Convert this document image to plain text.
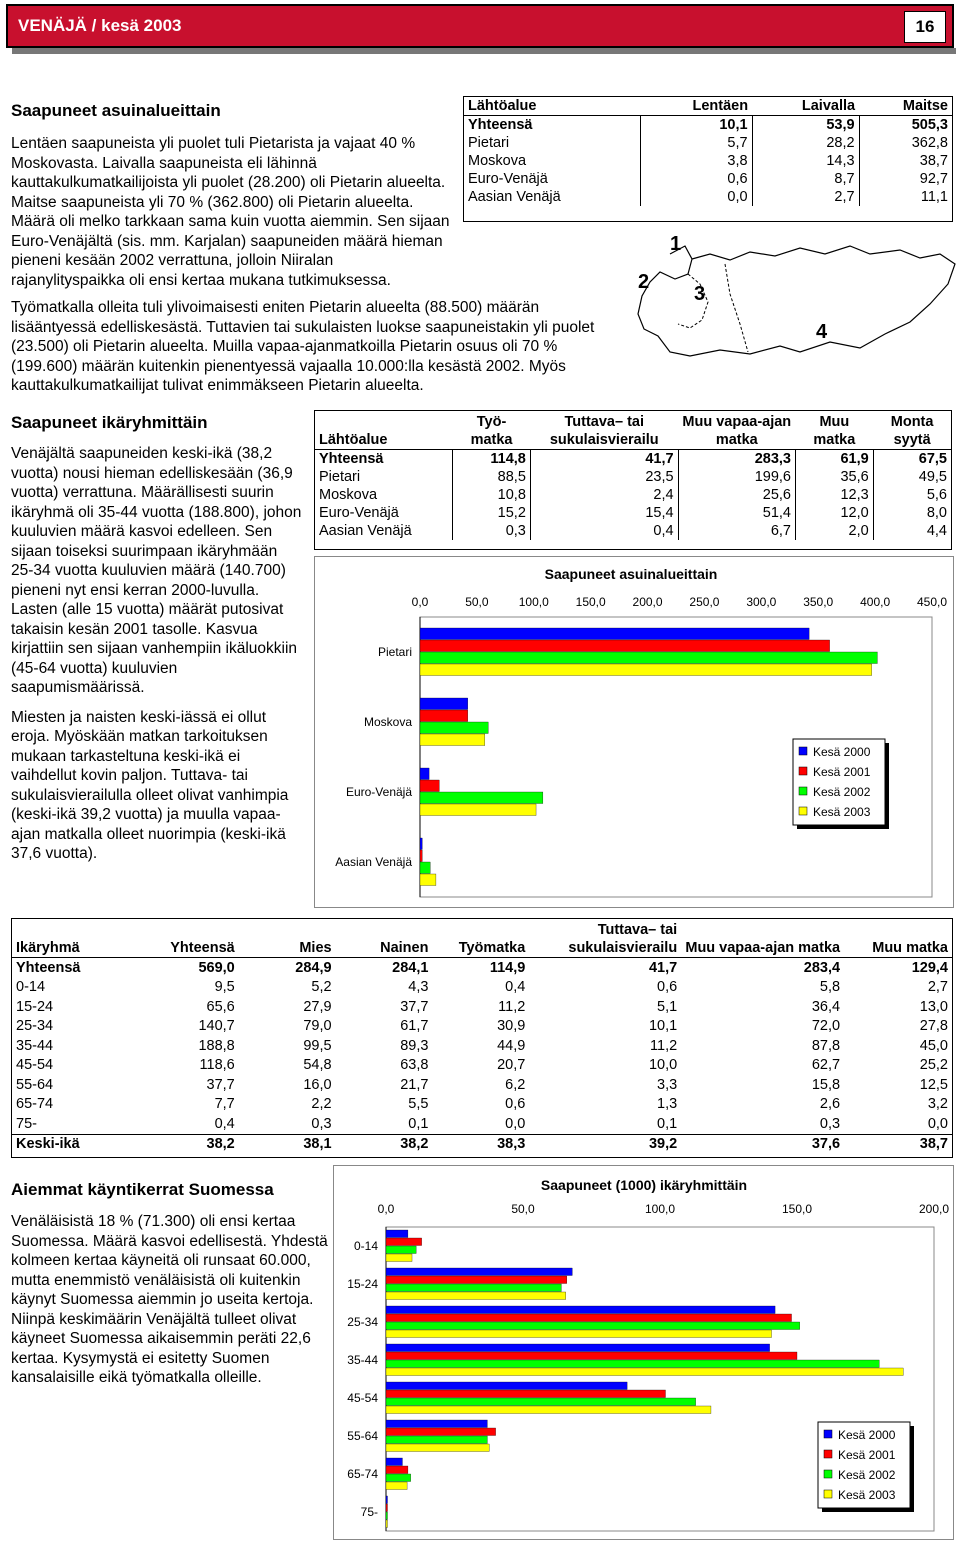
VENÄJÄ / kesä 2003	16
Saapuneet asuinalueittain

Lentäen saapuneista yli puolet tuli Pietarista ja vajaat 40 % Moskovasta. Laivalla saapuneista eli lähinnä kauttakulkumatkailijoista yli puolet (28.200) oli Pietarin alueelta. Maitse saapuneista yli 70 % (362.800) oli Pietarin alueelta. Määrä oli melko tarkkaan sama kuin vuotta aiemmin. Sen sijaan Euro-Venäjältä (sis. mm. Karjalan) saapuneiden määrä hieman pieneni kesään 2002 verrattuna, jolloin Niiralan rajanylityspaikka oli ensi kertaa mukana tutkimuksessa.

Lähtöalue	Lentäen	Laivalla	Maitse
Yhteensä	10,1	53,9	505,3
Pietari	5,7	28,2	362,8
Moskova	3,8	14,3	38,7
Euro-Venäjä	0,6	8,7	92,7
Aasian Venäjä	0,0	2,7	11,1
1
2
3
4

Työmatkalla olleita tuli ylivoimaisesti eniten Pietarin alueelta (88.500) määrän lisääntyessä edelliskesästä. Tuttavien tai sukulaisten luokse saapuneistakin yli puolet (23.500) oli Pietarin alueelta. Muilla vapaa-ajanmatkoilla Pietarin osuus oli 70 % (199.600) määrän kuitenkin pienentyessä vajaalla 10.000:lla kesästä 2002. Myös kauttakulkumatkailijat tulivat enimmäkseen Pietarin alueelta.

Saapuneet ikäryhmittäin

Venäjältä saapuneiden keski-ikä (38,2 vuotta) nousi hieman edelliskesään (36,9 vuotta) verrattuna. Määrällisesti suurin ikäryhmä oli 35-44 vuotta (188.800), johon kuuluvien määrä kasvoi edelleen. Sen sijaan toiseksi suurimpaan ikäryhmään 25-34 vuotta kuuluvien määrä (140.700) pieneni nyt ensi kerran 2000-luvulla. Lasten (alle 15 vuotta) määrät putosivat takaisin kesän 2001 tasolle. Kasvua kirjattiin sen sijaan vanhempiin ikäluokkiin (45-64 vuotta) kuuluvien saapumismäärissä.

Miesten ja naisten keski-iässä ei ollut eroja. Myöskään matkan tarkoituksen mukaan tarkasteltuna keski-ikä ei vaihdellut kovin paljon. Tuttava- tai sukulaisvierailulla olleet olivat vanhimpia (keski-ikä 39,2 vuotta) ja muulla vapaa-ajan matkalla olleet nuorimpia (keski-ikä 37,6 vuotta).

Lähtöalue	Työ-matka	Tuttava– tai sukulaisvierailu	Muu vapaa-ajan matka	Muu matka	Monta syytä
Yhteensä	114,8	41,7	283,3	61,9	67,5
Pietari	88,5	23,5	199,6	35,6	49,5
Moskova	10,8	2,4	25,6	12,3	5,6
Euro-Venäjä	15,2	15,4	51,4	12,0	8,0
Aasian Venäjä	0,3	0,4	6,7	2,0	4,4
Saapuneet asuinalueittain
0,0	50,0	100,0 150,0 200,0 250,0 300,0 350,0 400,0 450,0
Pietari
Moskova
Euro-Venäjä
Aasian Venäjä
Kesä 2000
Kesä 2001
Kesä 2002
Kesä 2003
Ikäryhmä	Yhteensä	Mies	Nainen	Työmatka	Tuttava– tai sukulaisvierailu	Muu vapaa-ajan matka	Muu matka
Yhteensä	569,0	284,9	284,1	114,9	41,7	283,4	129,4
0-14	9,5	5,2	4,3	0,4	0,6	5,8	2,7
15-24	65,6	27,9	37,7	11,2	5,1	36,4	13,0
25-34	140,7	79,0	61,7	30,9	10,1	72,0	27,8
35-44	188,8	99,5	89,3	44,9	11,2	87,8	45,0
45-54	118,6	54,8	63,8	20,7	10,0	62,7	25,2
55-64	37,7	16,0	21,7	6,2	3,3	15,8	12,5
65-74	7,7	2,2	5,5	0,6	1,3	2,6	3,2
75-	0,4	0,3	0,1	0,0	0,1	0,3	0,0
Keski-ikä	38,2	38,1	38,2	38,3	39,2	37,6	38,7
Aiemmat käyntikerrat Suomessa

Venäläisistä 18 % (71.300) oli ensi kertaa Suomessa. Määrä kasvoi edellisestä. Yhdestä kolmeen kertaa käyneitä oli runsaat 60.000, mutta enemmistö venäläisistä oli kuitenkin käynyt Suomessa aiemmin jo useita kertoja. Niinpä keskimäärin Venäjältä tulleet olivat käyneet Suomessa aikaisemmin peräti 22,6 kertaa. Kysymystä ei esitetty Suomen kansalaisille eikä työmatkalla olleille.

Saapuneet (1000) ikäryhmittäin
0,0	50,0	100,0	150,0	200,0
0-14
15-24
25-34
35-44
45-54
55-64
65-74
75-
Kesä 2000
Kesä 2001
Kesä 2002
Kesä 2003
